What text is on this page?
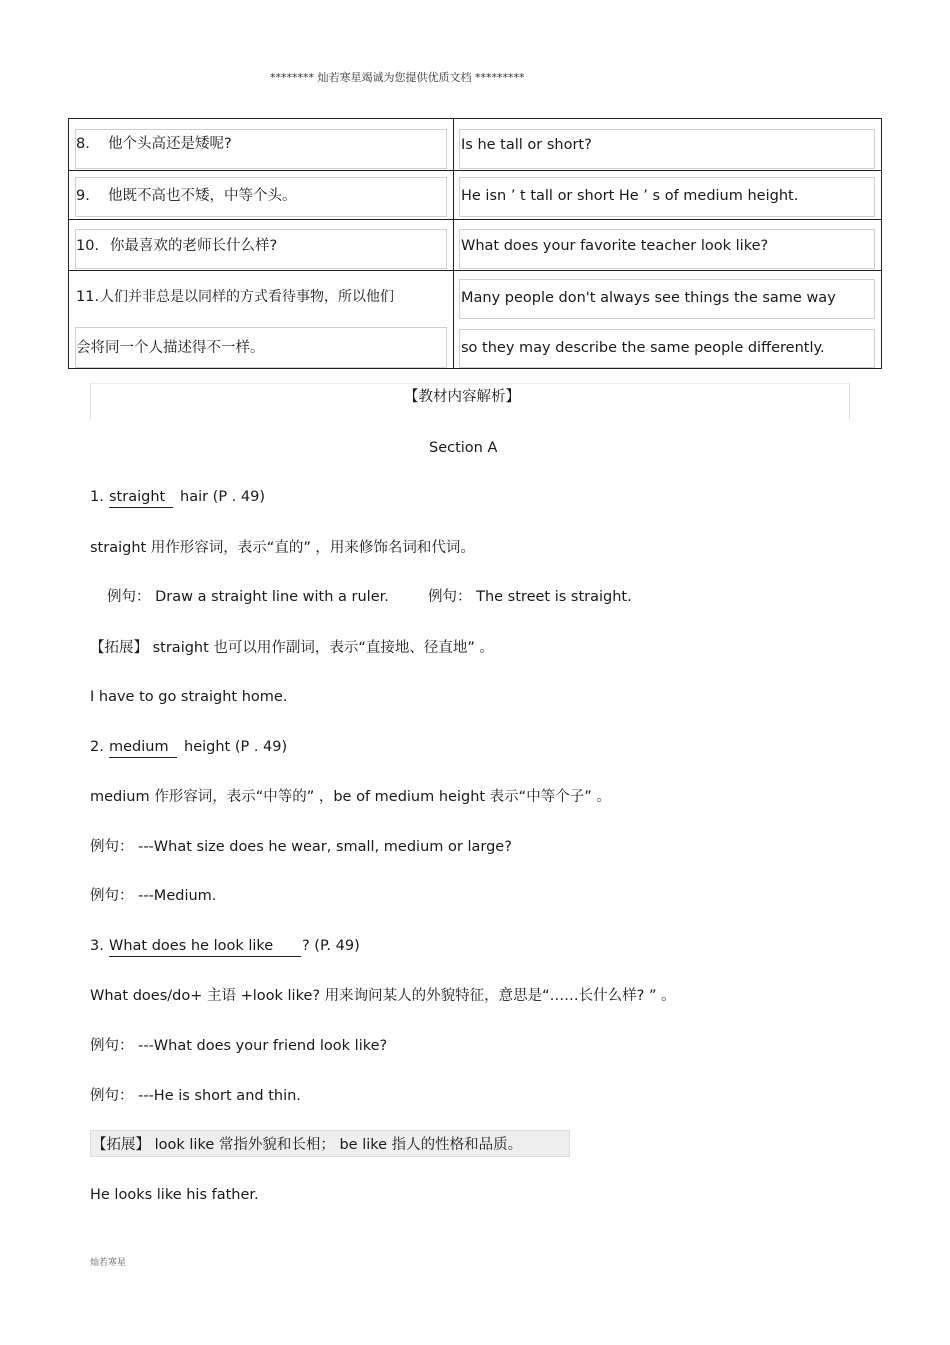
******** 灿若寒星竭诚为您提供优质文档 *********
8. 他个头高还是矮呢?	Is he tall or short?
9. 他既不高也不矮，中等个头。	He isn ’ t tall or short He ’ s of medium height.
10. 你最喜欢的老师长什么样?	What does your favorite teacher look like?
11. 人们并非总是以同样的方式看待事物，所以他们	Many people don't always see things the same way
会将同一个人描述得不一样。	so they may describe the same people differently.
【教材内容解析】
Section A
1. straight	hair (P . 49)
straight 用作形容词，表示“直的” ，用来修饰名词和代词。
例句： Draw a straight line with a ruler.	例句： The street is straight.
【拓展】 straight 也可以用作副词，表示“直接地、径直地” 。
I have to go straight home.
2. medium	height (P . 49)
medium 作形容词，表示“中等的” ，be of medium height 表示“中等个子” 。
例句： ---What size does he wear, small, medium or large?
例句： ---Medium.
3. What does he look like	? (P. 49)
What does/do+ 主语 +look like? 用来询问某人的外貌特征，意思是“……长什么样? ” 。
例句： ---What does your friend look like?
例句： ---He is short and thin.
【拓展】 look like 常指外貌和长相； be like 指人的性格和品质。
He looks like his father.
灿若寒星
